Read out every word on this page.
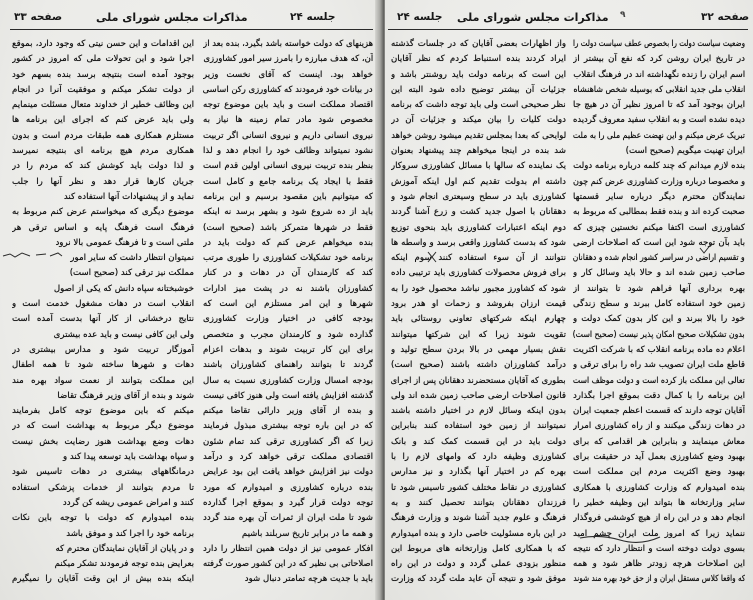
صفحه ۳۳	مذاکرات مجلس شورای ملی	جلسه ۲۴	جلسه ۲۴ مذاکرات مجلس شورای ملی ۹	صفحه ۳۲
هزینهای که دولت خواسته باشد بگیرد، بنده بعد از
آن، که هدف مبارزه را بامرز سیر امور کشاورزی
خواهد بود. اینست که آقای نخست وزیر
در بیانات خود فرمودند که کشاورزی رکن اساسی
اقتصاد مملکت است و باید باین موضوع توجه
مخصوص شود مادر تمام زمینه ها نیاز به
نیروی انسانی داریم و نیروی انسانی اگر تربیت
نشود نمیتواند وظائف خود را انجام دهد و لذا
بنظر بنده تربیت نیروی انسانی اولین قدم است
فقط با ایجاد یک برنامه جامع و کامل است
که میتوانیم باین مقصود برسیم و این برنامه
باید از ده شروع شود و بشهر برسد نه اینکه
فقط در شهرها متمرکز باشد (صحیح است)
بنده میخواهم عرض کنم که دولت باید در
برنامه خود تشکیلات کشاورزی را طوری مرتب
کند که کارمندان آن در دهات و در کنار
کشاورزان باشند نه در پشت میز ادارات
شهرها و این امر مستلزم این است که
بودجه کافی در اختیار وزارت کشاورزی
گذارده شود و کارمندان مجرب و متخصص
برای این کار تربیت شوند و بدهات اعزام
گردند تا بتوانند راهنمای کشاورزان باشند
بودجه امسال وزارت کشاورزی نسبت به سال
گذشته افزایش یافته است ولی هنوز کافی نیست
و بنده از آقای وزیر دارائی تقاضا میکنم
که در این باره توجه بیشتری مبذول فرمایند
زیرا که اگر کشاورزی ترقی کند تمام شئون
اقتصادی مملکت ترقی خواهد کرد و درآمد
دولت نیز افزایش خواهد یافت این بود عرایض
بنده درباره کشاورزی و امیدوارم که مورد
توجه دولت قرار گیرد و بموقع اجرا گذارده
شود تا ملت ایران از ثمرات آن بهره مند گردد
و همه ما در برابر تاریخ سربلند باشیم
افکار عمومی نیز از دولت همین انتظار را دارد
اصلاحاتی بی نظیر که در این کشور صورت گرفته
باید با جدیت هرچه تمامتر دنبال شود
این اقدامات و این حسن نیتی که وجود دارد، بموقع
اجرا شود و این تحولات ملی که امروز در کشور
بوجود آمده است بنتیجه برسد بنده بسهم خود
از دولت تشکر میکنم و موفقیت آنرا در انجام
این وظائف خطیر از خداوند متعال مسئلت مینمایم
ولی باید عرض کنم که اجرای این برنامه ها
مستلزم همکاری همه طبقات مردم است و بدون
همکاری مردم هیچ برنامه ای بنتیجه نمیرسد
و لذا دولت باید کوشش کند که مردم را در
جریان کارها قرار دهد و نظر آنها را جلب
نماید و از پیشنهادات آنها استفاده کند
موضوع دیگری که میخواستم عرض کنم مربوط به
فرهنگ است فرهنگ پایه و اساس ترقی هر
ملتی است و تا فرهنگ عمومی بالا نرود
نمیتوان انتظار داشت که سایر امور
مملکت نیز ترقی کند (صحیح است)
خوشبختانه سپاه دانش که یکی از اصول
انقلاب است در دهات مشغول خدمت است و
نتایج درخشانی از کار آنها بدست آمده است
ولی این کافی نیست و باید عده بیشتری
آموزگار تربیت شود و مدارس بیشتری در
دهات و شهرها ساخته شود تا همه اطفال
این مملکت بتوانند از نعمت سواد بهره مند
شوند و بنده از آقای وزیر فرهنگ تقاضا
میکنم که باین موضوع توجه کامل بفرمایند
موضوع دیگر مربوط به بهداشت است که در
دهات وضع بهداشت هنوز رضایت بخش نیست
و سپاه بهداشت باید توسعه پیدا کند و
درمانگاههای بیشتری در دهات تاسیس شود
تا مردم بتوانند از خدمات پزشکی استفاده
کنند و امراض عمومی ریشه کن گردد
بنده امیدوارم که دولت با توجه باین نکات
برنامه خود را اجرا کند و موفق باشد
و در پایان از آقایان نمایندگان محترم که
بعرایض بنده توجه فرمودند تشکر میکنم
اینکه بنده بیش از این وقت آقایان را نمیگیرم
وضعیت سیاست دولت را بخصوص عطف سیاست دولت را
در تاریخ ایران روشن کرد که نفع آن بیشتر از
اسم ایران را زنده نگهداشته اند در فرهنگ انقلاب
انقلاب ملی جدید انقلابی که بوسیله شخص شاهنشاه
ایران بوجود آمد که تا امروز نظیر آن در هیچ جا
دیده نشده است و به انقلاب سفید معروف گردیده
تبریک عرض میکنم و این نهضت عظیم ملی را به ملت
ایران تهنیت میگویم (صحیح است)
بنده لازم میدانم که چند کلمه درباره برنامه دولت
و مخصوصا درباره وزارت کشاورزی عرض کنم چون
نمایندگان محترم دیگر درباره سایر قسمتها
صحبت کرده اند و بنده فقط بمطالبی که مربوط به
کشاورزی است اکتفا میکنم نخستین چیزی که
باید بآن توجه شود این است که اصلاحات ارضی
و تقسیم اراضی در سراسر کشور انجام شده و دهقانان
صاحب زمین شده اند و حالا باید وسائل کار و
بهره برداری آنها فراهم شود تا بتوانند از
زمین خود استفاده کامل ببرند و سطح زندگی
خود را بالا ببرند و این کار بدون کمک دولت و
بدون تشکیلات صحیح امکان پذیر نیست (صحیح است)
اعلام ده ماده برنامه انقلاب که با شرکت اکثریت
قاطع ملت ایران تصویب شد راه را برای ترقی و
تعالی این مملکت باز کرده است و دولت موظف است
این برنامه را با کمال دقت بموقع اجرا بگذارد
آقایان توجه دارند که قسمت اعظم جمعیت ایران
در دهات زندگی میکنند و از راه کشاورزی امرار
معاش مینمایند و بنابراین هر اقدامی که برای
بهبود وضع کشاورزی بعمل آید در حقیقت برای
بهبود وضع اکثریت مردم این مملکت است
بنده امیدوارم که وزارت کشاورزی با همکاری
سایر وزارتخانه ها بتواند این وظیفه خطیر را
انجام دهد و در این راه از هیچ کوششی فروگذار
ننماید زیرا که امروز ملت ایران چشم امید
بسوی دولت دوخته است و انتظار دارد که نتیجه
این اصلاحات هرچه زودتر ظاهر شود و همه
که واقعا کلاس مستقل ایران و از حق خود بهره مند شوند
واز اظهارات بعضی آقایان که در جلسات گذشته
ایراد کردند بنده استنباط کردم که نظر آقایان
این است که برنامه دولت باید روشنتر باشد و
جزئیات آن بیشتر توضیح داده شود البته این
نظر صحیحی است ولی باید توجه داشت که برنامه
دولت کلیات را بیان میکند و جزئیات آن در
لوایحی که بعدا بمجلس تقدیم میشود روشن خواهد
شد بنده در اینجا میخواهم چند پیشنهاد بعنوان
یک نماینده که سالها با مسائل کشاورزی سروکار
داشته ام بدولت تقدیم کنم اول اینکه آموزش
کشاورزی باید در سطح وسیعتری انجام شود و
دهقانان با اصول جدید کشت و زرع آشنا گردند
دوم اینکه اعتبارات کشاورزی باید بنحوی توزیع
شود که بدست کشاورز واقعی برسد و واسطه ها
نتوانند از آن سوء استفاده کنند سوم اینکه
برای فروش محصولات کشاورزی باید ترتیبی داده
شود که کشاورز مجبور نباشد محصول خود را به
قیمت ارزان بفروشد و زحمات او هدر برود
چهارم اینکه شرکتهای تعاونی روستائی باید
تقویت شوند زیرا که این شرکتها میتوانند
نقش بسیار مهمی در بالا بردن سطح تولید و
درآمد کشاورزان داشته باشند (صحیح است)
بطوری که آقایان مستحضرند دهقانان پس از اجرای
قانون اصلاحات ارضی صاحب زمین شده اند ولی
بدون اینکه وسائل لازم در اختیار داشته باشند
نمیتوانند از زمین خود استفاده کنند بنابراین
دولت باید در این قسمت کمک کند و بانک
کشاورزی وظیفه دارد که وامهای لازم را با
بهره کم در اختیار آنها بگذارد و نیز مدارس
کشاورزی در نقاط مختلف کشور تاسیس شود تا
فرزندان دهقانان بتوانند تحصیل کنند و به
فرهنگ و علوم جدید آشنا شوند و وزارت فرهنگ
در این باره مسئولیت خاصی دارد و بنده امیدوارم
که با همکاری کامل وزارتخانه های مربوط این
منظور بزودی عملی گردد و دولت در این راه
موفق شود و نتیجه آن عاید ملت گردد که وزارت
